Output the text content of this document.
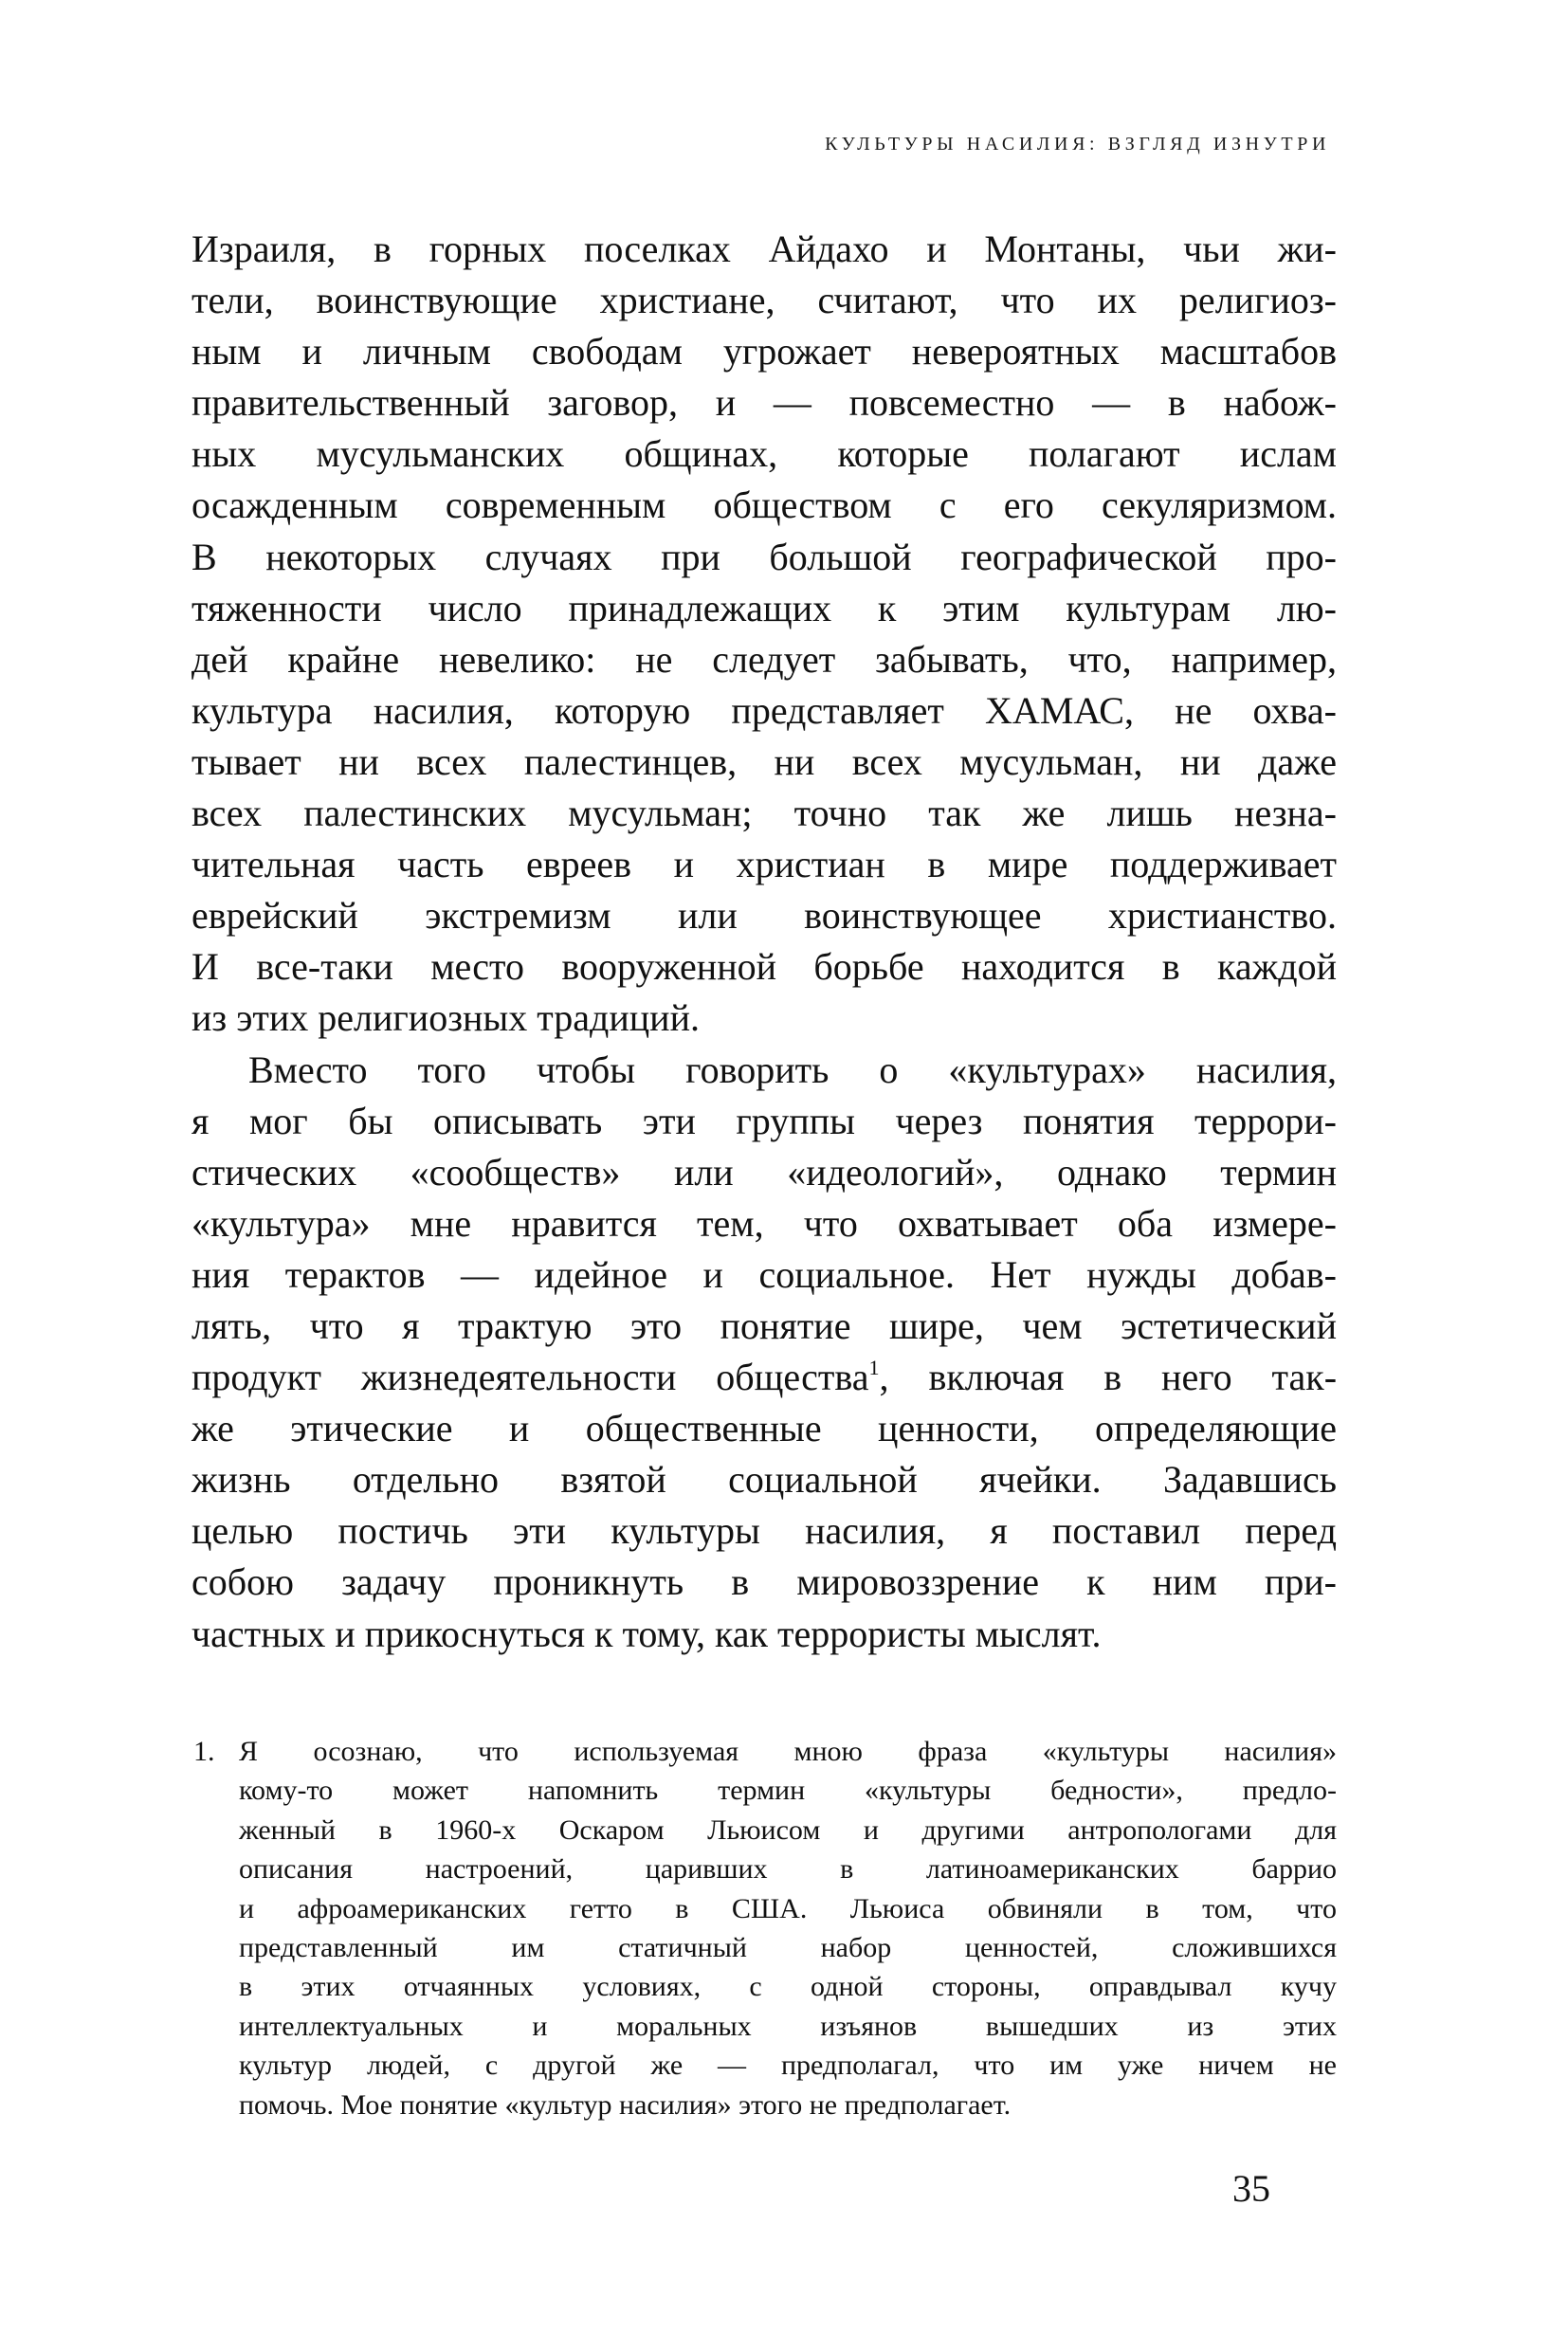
КУЛЬТУРЫ НАСИЛИЯ: ВЗГЛЯД ИЗНУТРИ
Израиля, в горных поселках Айдахо и Монтаны, чьи жи-
тели, воинствующие христиане, считают, что их религиоз-
ным и личным свободам угрожает невероятных масштабов
правительственный заговор, и — повсеместно — в набож-
ных мусульманских общинах, которые полагают ислам
осажденным современным обществом с его секуляризмом.
В некоторых случаях при большой географической про-
тяженности число принадлежащих к этим культурам лю-
дей крайне невелико: не следует забывать, что, например,
культура насилия, которую представляет ХАМАС, не охва-
тывает ни всех палестинцев, ни всех мусульман, ни даже
всех палестинских мусульман; точно так же лишь незна-
чительная часть евреев и христиан в мире поддерживает
еврейский экстремизм или воинствующее христианство.
И все-таки место вооруженной борьбе находится в каждой
из этих религиозных традиций.
Вместо того чтобы говорить о «культурах» насилия,
я мог бы описывать эти группы через понятия террори-
стических «сообществ» или «идеологий», однако термин
«культура» мне нравится тем, что охватывает оба измере-
ния терактов — идейное и социальное. Нет нужды добав-
лять, что я трактую это понятие шире, чем эстетический
продукт жизнедеятельности общества$^1$, включая в него так-
же этические и общественные ценности, определяющие
жизнь отдельно взятой социальной ячейки. Задавшись
целью постичь эти культуры насилия, я поставил перед
собою задачу проникнуть в мировоззрение к ним при-
частных и прикоснуться к тому, как террористы мыслят.
1. Я осознаю, что используемая мною фраза «культуры насилия»
кому-то может напомнить термин «культуры бедности», предло-
женный в 1960-х Оскаром Льюисом и другими антропологами для
описания настроений, царивших в латиноамериканских баррио
и афроамериканских гетто в США. Льюиса обвиняли в том, что
представленный им статичный набор ценностей, сложившихся
в этих отчаянных условиях, с одной стороны, оправдывал кучу
интеллектуальных и моральных изъянов вышедших из этих
культур людей, с другой же — предполагал, что им уже ничем не
помочь. Мое понятие «культур насилия» этого не предполагает.
35
